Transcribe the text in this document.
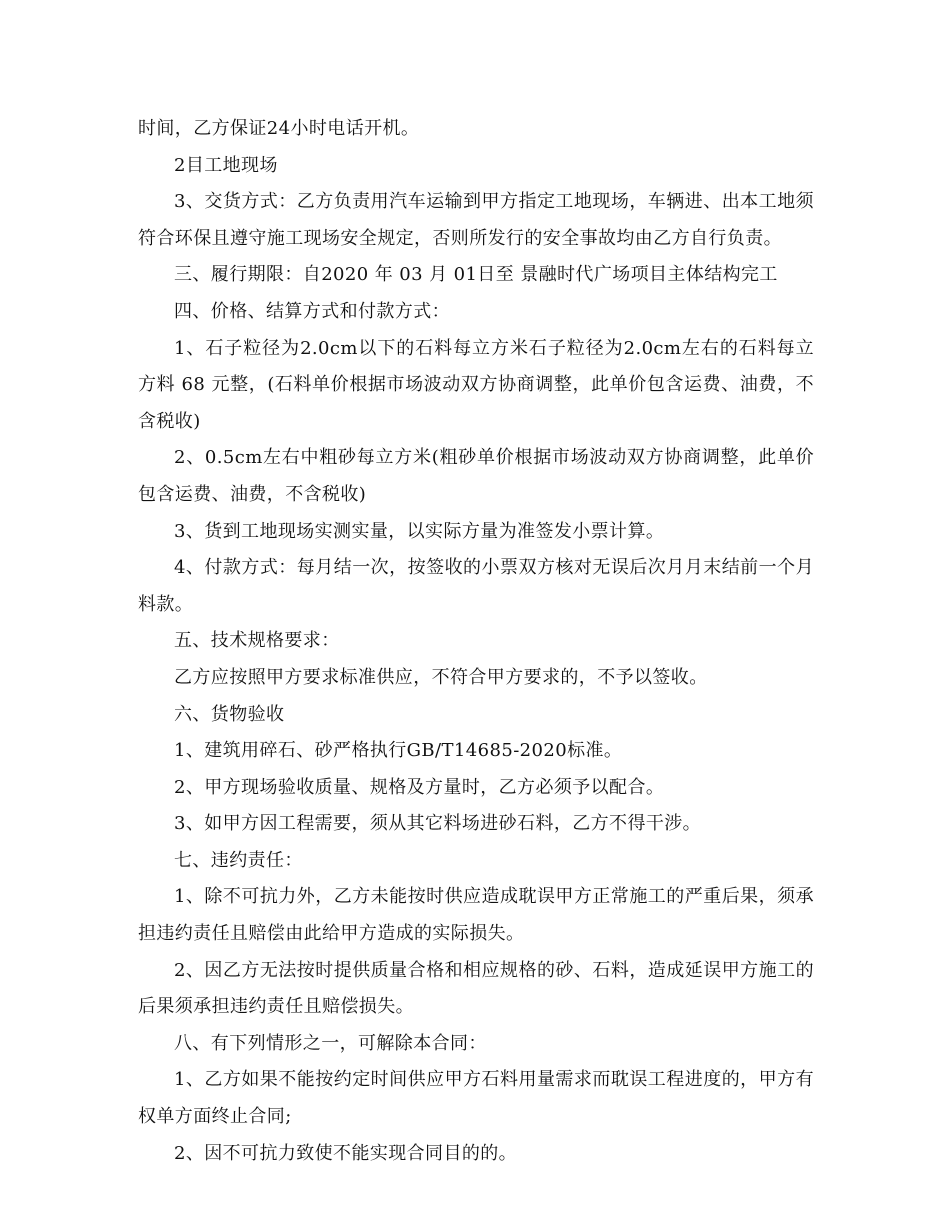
时间，乙方保证24小时电话开机。

2目工地现场

3、交货方式：乙方负责用汽车运输到甲方指定工地现场，车辆进、出本工地须符合环保且遵守施工现场安全规定，否则所发行的安全事故均由乙方自行负责。

三、履行期限：自2020 年 03 月 01日至 景融时代广场项目主体结构完工

四、价格、结算方式和付款方式：

1、石子粒径为2.0cm以下的石料每立方米石子粒径为2.0cm左右的石料每立方料 68 元整，(石料单价根据市场波动双方协商调整，此单价包含运费、油费，不含税收)

2、0.5cm左右中粗砂每立方米(粗砂单价根据市场波动双方协商调整，此单价包含运费、油费，不含税收)

3、货到工地现场实测实量，以实际方量为准签发小票计算。

4、付款方式：每月结一次，按签收的小票双方核对无误后次月月末结前一个月料款。

五、技术规格要求：

乙方应按照甲方要求标准供应，不符合甲方要求的，不予以签收。

六、货物验收

1、建筑用碎石、砂严格执行GB/T14685-2020标准。

2、甲方现场验收质量、规格及方量时，乙方必须予以配合。

3、如甲方因工程需要，须从其它料场进砂石料，乙方不得干涉。

七、违约责任：

1、除不可抗力外，乙方未能按时供应造成耽误甲方正常施工的严重后果，须承担违约责任且赔偿由此给甲方造成的实际损失。

2、因乙方无法按时提供质量合格和相应规格的砂、石料，造成延误甲方施工的后果须承担违约责任且赔偿损失。

八、有下列情形之一，可解除本合同：

1、乙方如果不能按约定时间供应甲方石料用量需求而耽误工程进度的，甲方有权单方面终止合同;

2、因不可抗力致使不能实现合同目的的。
